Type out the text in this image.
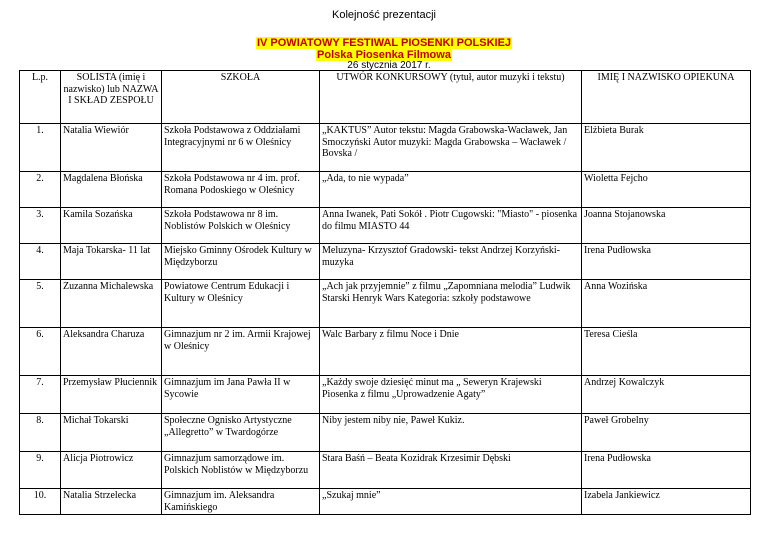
Kolejność prezentacji
IV POWIATOWY FESTIWAL PIOSENKI POLSKIEJ
Polska Piosenka Filmowa
26 stycznia 2017 r.
L.p.	SOLISTA (imię i nazwisko) lub NAZWA I SKŁAD ZESPOŁU	SZKOŁA	UTWÓR KONKURSOWY (tytuł, autor muzyki i tekstu)	IMIĘ I NAZWISKO OPIEKUNA
1.	Natalia Wiewiór	Szkoła Podstawowa z Oddziałami Integracyjnymi nr 6 w Oleśnicy	„KAKTUS” Autor tekstu: Magda Grabowska-Wacławek, Jan Smoczyński Autor muzyki: Magda Grabowska – Wacławek / Bovska /	Elżbieta Burak
2.	Magdalena Błońska	Szkoła Podstawowa nr 4 im. prof. Romana Podoskiego w Oleśnicy	„Ada, to nie wypada”	Wioletta Fejcho
3.	Kamila Sozańska	Szkoła Podstawowa nr 8 im. Noblistów Polskich w Oleśnicy	Anna Iwanek, Pati Sokół . Piotr Cugowski: "Miasto" - piosenka do filmu MIASTO 44	Joanna Stojanowska
4.	Maja Tokarska- 11 lat	Miejsko Gminny Ośrodek Kultury w Międzyborzu	Meluzyna- Krzysztof Gradowski- tekst Andrzej Korzyński- muzyka	Irena Pudłowska
5.	Zuzanna Michalewska	Powiatowe Centrum Edukacji i Kultury w Oleśnicy	„Ach jak przyjemnie” z filmu „Zapomniana melodia” Ludwik Starski Henryk Wars Kategoria: szkoły podstawowe	Anna Wozińska
6.	Aleksandra Charuza	Gimnazjum nr 2 im. Armii Krajowej w Oleśnicy	Walc Barbary z filmu Noce i Dnie	Teresa Cieśla
7.	Przemysław Płuciennik	Gimnazjum im Jana Pawła II w Sycowie	„Każdy swoje dziesięć minut ma „ Seweryn Krajewski Piosenka z filmu „Uprowadzenie Agaty”	Andrzej Kowalczyk
8.	Michał Tokarski	Społeczne Ognisko Artystyczne „Allegretto” w Twardogórze	Niby jestem niby nie, Paweł Kukiz.	Paweł Grobelny
9.	Alicja Piotrowicz	Gimnazjum samorządowe im. Polskich Noblistów w Międzyborzu	Stara Baśń – Beata Kozidrak Krzesimir Dębski	Irena Pudłowska
10.	Natalia Strzelecka	Gimnazjum im. Aleksandra Kamińskiego	„Szukaj mnie”	Izabela Jankiewicz
